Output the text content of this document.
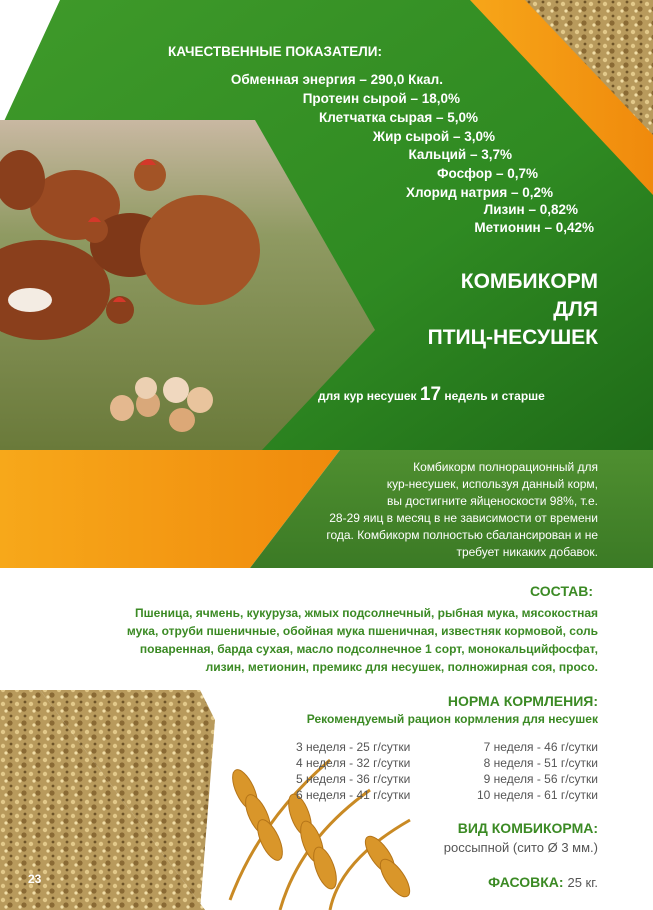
КАЧЕСТВЕННЫЕ ПОКАЗАТЕЛИ:
Обменная энергия – 290,0 Ккал.
Протеин сырой – 18,0%
Клетчатка сырая – 5,0%
Жир сырой – 3,0%
Кальций – 3,7%
Фосфор – 0,7%
Хлорид натрия – 0,2%
Лизин – 0,82%
Метионин – 0,42%
КОМБИКОРМ
ДЛЯ
ПТИЦ-НЕСУШЕК
для кур несушек 17 недель и старше
Комбикорм полнорационный для
кур-несушек, используя данный корм,
вы достигните яйценоскости 98%, т.е.
28-29 яиц в месяц в не зависимости от времени
года. Комбикорм полностью сбалансирован и не
требует никаких добавок.
СОСТАВ:
Пшеница, ячмень, кукуруза, жмых подсолнечный, рыбная мука, мясокостная
мука, отруби пшеничные, обойная мука пшеничная, известняк кормовой, соль
поваренная, барда сухая, масло подсолнечное 1 сорт, монокальцийфосфат,
лизин, метионин, премикс для несушек, полножирная соя, просо.
НОРМА КОРМЛЕНИЯ:
Рекомендуемый рацион кормления для несушек
3 неделя - 25 г/сутки
4 неделя - 32 г/сутки
5 неделя - 36 г/сутки
6 неделя - 41 г/сутки
7 неделя - 46 г/сутки
8 неделя - 51 г/сутки
9 неделя - 56 г/сутки
10 неделя - 61 г/сутки
ВИД КОМБИКОРМА:
россыпной (сито Ø 3 мм.)
ФАСОВКА: 25 кг.
23
